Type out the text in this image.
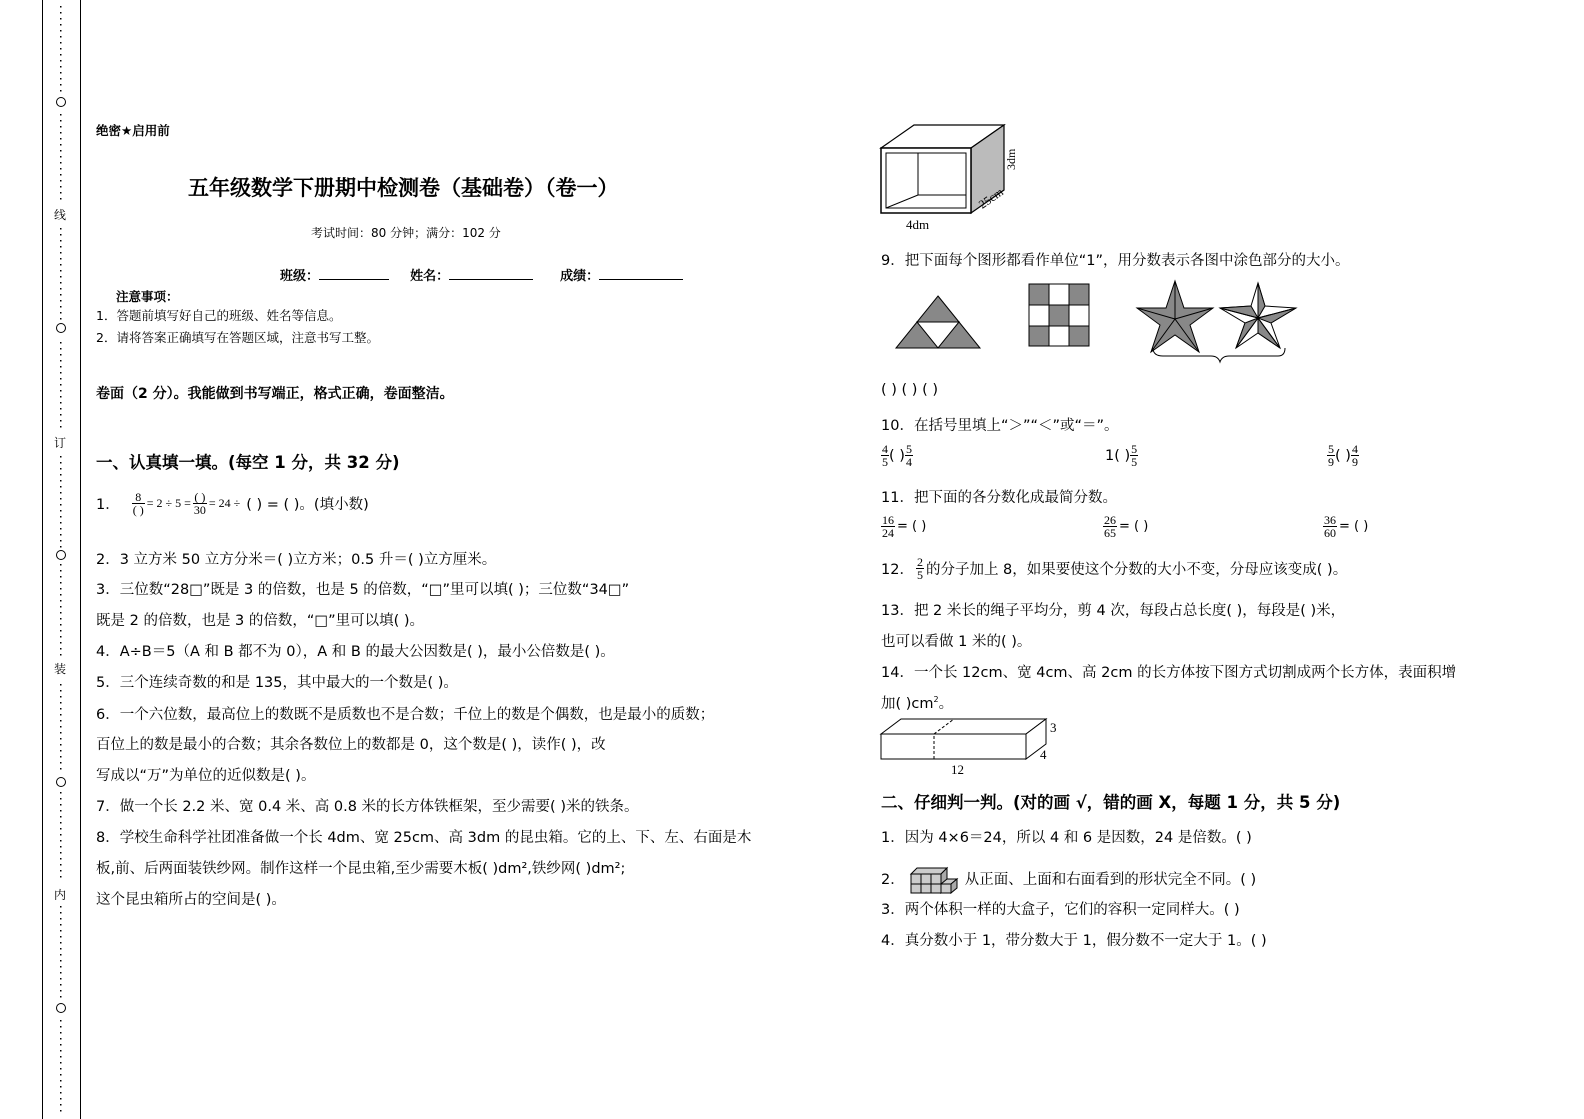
线
订
装
内
绝密★启用前
五年级数学下册期中检测卷（基础卷）（卷一）
考试时间：80 分钟；满分：102 分
班级：	姓名：	成绩：
注意事项：
1．答题前填写好自己的班级、姓名等信息。
2．请将答案正确填写在答题区域，注意书写工整。
卷面（2 分）。我能做到书写端正，格式正确，卷面整洁。
一、认真填一填。(每空 1 分，共 32 分)
1． $\frac{8}{( )} = 2 \div 5 = \frac{( )}{30} = 24$ ÷ ( ) = ( )。(填小数)
2．3 立方米 50 立方分米＝( )立方米；0.5 升＝( )立方厘米。
3．三位数“28□”既是 3 的倍数，也是 5 的倍数，“□”里可以填( )；三位数“34□”
既是 2 的倍数，也是 3 的倍数，“□”里可以填( )。
4．A÷B＝5（A 和 B 都不为 0），A 和 B 的最大公因数是( )，最小公倍数是( )。
5．三个连续奇数的和是 135，其中最大的一个数是( )。
6．一个六位数，最高位上的数既不是质数也不是合数；千位上的数是个偶数，也是最小的质数；
百位上的数是最小的合数；其余各数位上的数都是 0，这个数是( )，读作( )，改
写成以“万”为单位的近似数是( )。
7．做一个长 2.2 米、宽 0.4 米、高 0.8 米的长方体铁框架，至少需要( )米的铁条。
8．学校生命科学社团准备做一个长 4dm、宽 25cm、高 3dm 的昆虫箱。它的上、下、左、右面是木
板,前、后两面装铁纱网。制作这样一个昆虫箱,至少需要木板( )dm²,铁纱网( )dm²;
这个昆虫箱所占的空间是( )。
4dm
25cm
3dm
9．把下面每个图形都看作单位“1”，用分数表示各图中涂色部分的大小。
( ) ( ) ( )
10．在括号里填上“＞”“＜”或“＝”。
$\frac{4}{5}$ ( ) $\frac{5}{4}$	1 ( ) $\frac{5}{5}$	$\frac{5}{9}$ ( ) $\frac{4}{9}$
11．把下面的各分数化成最简分数。
$\frac{16}{24}$ = ( )	$\frac{26}{65}$ = ( )	$\frac{36}{60}$ = ( )
12． $\frac{2}{5}$ 的分子加上 8，如果要使这个分数的大小不变，分母应该变成( )。
13．把 2 米长的绳子平均分，剪 4 次，每段占总长度( )，每段是( )米，
也可以看做 1 米的( )。
14．一个长 12cm、宽 4cm、高 2cm 的长方体按下图方式切割成两个长方体，表面积增
加( )$cm^2$。
3
4
12
二、仔细判一判。(对的画 √，错的画 X，每题 1 分，共 5 分)
1．因为 4×6＝24，所以 4 和 6 是因数，24 是倍数。( )
2．	从正面、上面和右面看到的形状完全不同。( )
3．两个体积一样的大盒子，它们的容积一定同样大。( )
4．真分数小于 1，带分数大于 1，假分数不一定大于 1。( )
